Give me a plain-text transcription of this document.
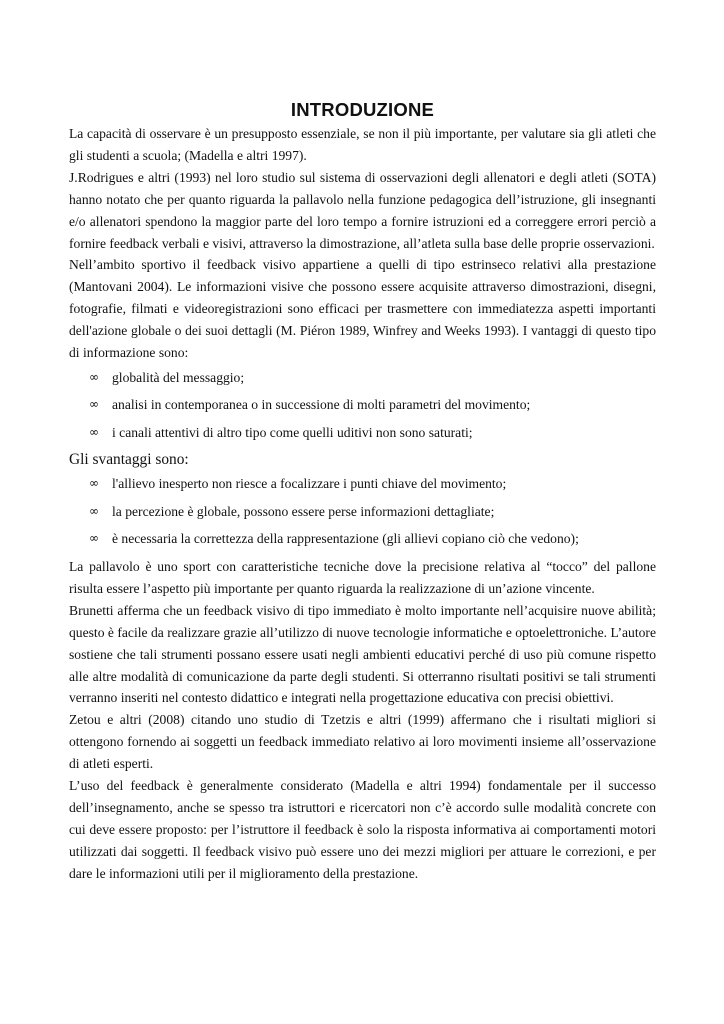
INTRODUZIONE

La capacità di osservare è un presupposto essenziale, se non il più importante, per valutare sia gli atleti che gli studenti a scuola; (Madella e altri 1997).

J.Rodrigues e altri (1993) nel loro studio sul sistema di osservazioni degli allenatori e degli atleti (SOTA) hanno notato che per quanto riguarda la pallavolo nella funzione pedagogica dell’istruzione, gli insegnanti e/o allenatori spendono la maggior parte del loro tempo a fornire istruzioni ed a correggere errori perciò a fornire feedback verbali e visivi, attraverso la dimostrazione, all’atleta sulla base delle proprie osservazioni.

Nell’ambito sportivo il feedback visivo appartiene a quelli di tipo estrinseco relativi alla prestazione (Mantovani 2004). Le informazioni visive che possono essere acquisite attraverso dimostrazioni, disegni, fotografie, filmati e videoregistrazioni sono efficaci per trasmettere con immediatezza aspetti importanti dell'azione globale o dei suoi dettagli (M. Piéron 1989, Winfrey and Weeks 1993). I vantaggi di questo tipo di informazione sono:

∞ globalità del messaggio;
∞ analisi in contemporanea o in successione di molti parametri del movimento;
∞ i canali attentivi di altro tipo come quelli uditivi non sono saturati;

Gli svantaggi sono:

∞ l'allievo inesperto non riesce a focalizzare i punti chiave del movimento;
∞ la percezione è globale, possono essere perse informazioni dettagliate;
∞ è necessaria la correttezza della rappresentazione (gli allievi copiano ciò che vedono);

La pallavolo è uno sport con caratteristiche tecniche dove la precisione relativa al “tocco” del pallone risulta essere l’aspetto più importante per quanto riguarda la realizzazione di un’azione vincente.

Brunetti afferma che un feedback visivo di tipo immediato è molto importante nell’acquisire nuove abilità; questo è facile da realizzare grazie all’utilizzo di nuove tecnologie informatiche e optoelettroniche. L’autore sostiene che tali strumenti possano essere usati negli ambienti educativi perché di uso più comune rispetto alle altre modalità di comunicazione da parte degli studenti. Si otterranno risultati positivi se tali strumenti verranno inseriti nel contesto didattico e integrati nella progettazione educativa con precisi obiettivi.

Zetou e altri (2008) citando uno studio di Tzetzis e altri (1999) affermano che i risultati migliori si ottengono fornendo ai soggetti un feedback immediato relativo ai loro movimenti insieme all’osservazione di atleti esperti.

L’uso del feedback è generalmente considerato (Madella e altri 1994) fondamentale per il successo dell’insegnamento, anche se spesso tra istruttori e ricercatori non c’è accordo sulle modalità concrete con cui deve essere proposto: per l’istruttore il feedback è solo la risposta informativa ai comportamenti motori utilizzati dai soggetti. Il feedback visivo può essere uno dei mezzi migliori per attuare le correzioni, e per dare le informazioni utili per il miglioramento della prestazione.
